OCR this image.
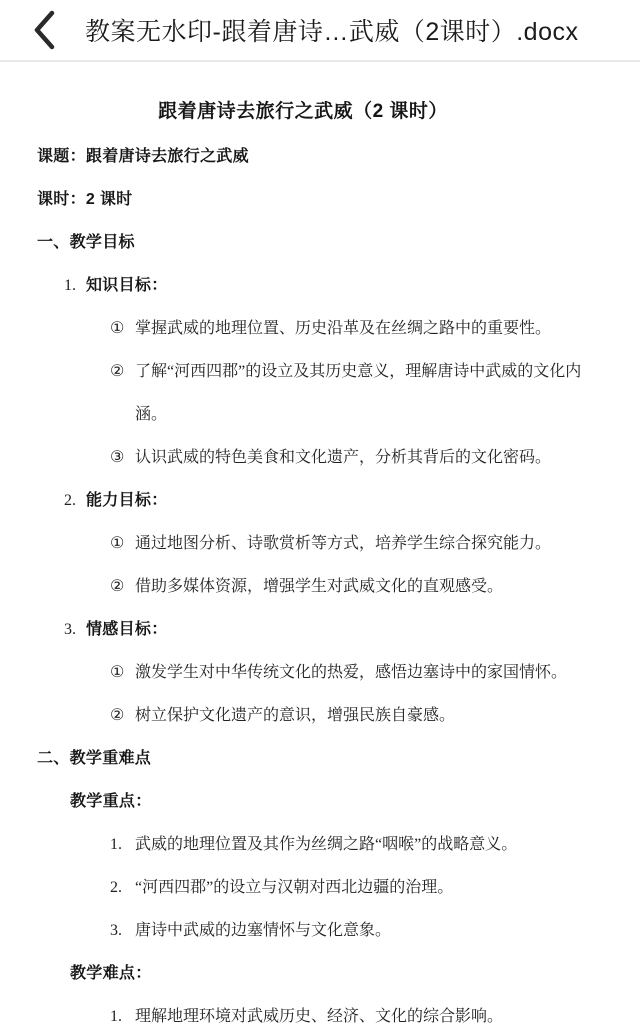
教案无水印-跟着唐诗…武威（2课时）.docx
跟着唐诗去旅行之武威（2 课时）

课题：跟着唐诗去旅行之武威

课时：2 课时

一、教学目标

1. 知识目标：

① 掌握武威的地理位置、历史沿革及在丝绸之路中的重要性。

② 了解“河西四郡”的设立及其历史意义，理解唐诗中武威的文化内
涵。

③ 认识武威的特色美食和文化遗产，分析其背后的文化密码。

2. 能力目标：

① 通过地图分析、诗歌赏析等方式，培养学生综合探究能力。

② 借助多媒体资源，增强学生对武威文化的直观感受。

3. 情感目标：

① 激发学生对中华传统文化的热爱，感悟边塞诗中的家国情怀。

② 树立保护文化遗产的意识，增强民族自豪感。

二、教学重难点

教学重点：

1. 武威的地理位置及其作为丝绸之路“咽喉”的战略意义。

2. “河西四郡”的设立与汉朝对西北边疆的治理。

3. 唐诗中武威的边塞情怀与文化意象。

教学难点：

1. 理解地理环境对武威历史、经济、文化的综合影响。
